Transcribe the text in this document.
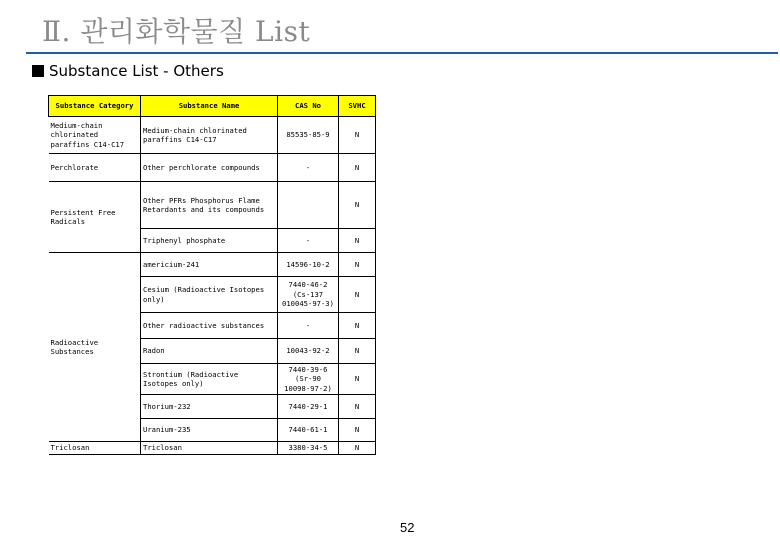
Ⅱ. 관리화학물질 List
Substance List - Others
Substance Category	Substance Name	CAS No	SVHC
Medium-chain chlorinated paraffins C14-C17	Medium-chain chlorinated paraffins C14-C17	85535-85-9	N
Perchlorate	Other perchlorate compounds	-	N
Persistent Free Radicals	Other PFRs Phosphorus Flame Retardants and its compounds		N
	Triphenyl phosphate	-	N
Radioactive Substances	americium-241	14596-10-2	N
	Cesium (Radioactive Isotopes only)	7440-46-2 (Cs-137 010045-97-3)	N
	Other radioactive substances	-	N
	Radon	10043-92-2	N
	Strontium (Radioactive Isotopes only)	7440-39-6 (Sr-90 10098-97-2)	N
	Thorium-232	7440-29-1	N
	Uranium-235	7440-61-1	N
Triclosan	Triclosan	3380-34-5	N
52
